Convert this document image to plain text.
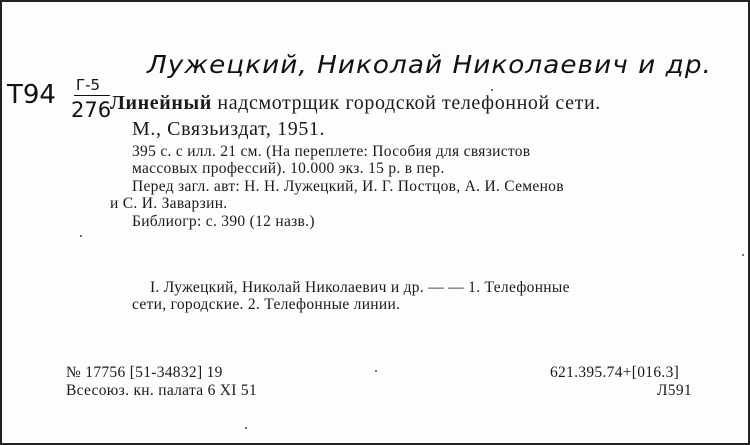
Лужецкий, Николай Николаевич и др.
Т94 Г-5
276
Линейный надсмотрщик городской телефонной сети.
М., Связьиздат, 1951.
395 с. с илл. 21 см. (На переплете: Пособия для связистов
массовых профессий). 10.000 экз. 15 р. в пер.
Перед загл. авт: Н. Н. Лужецкий, И. Г. Постцов, А. И. Семенов
и С. И. Заварзин.
Библиогр: с. 390 (12 назв.)
I. Лужецкий, Николай Николаевич и др. — — 1. Телефонные
сети, городские. 2. Телефонные линии.
№ 17756 [51-34832] 19
Всесоюз. кн. палата 6 XI 51
621.395.74+[016.3]
Л591
